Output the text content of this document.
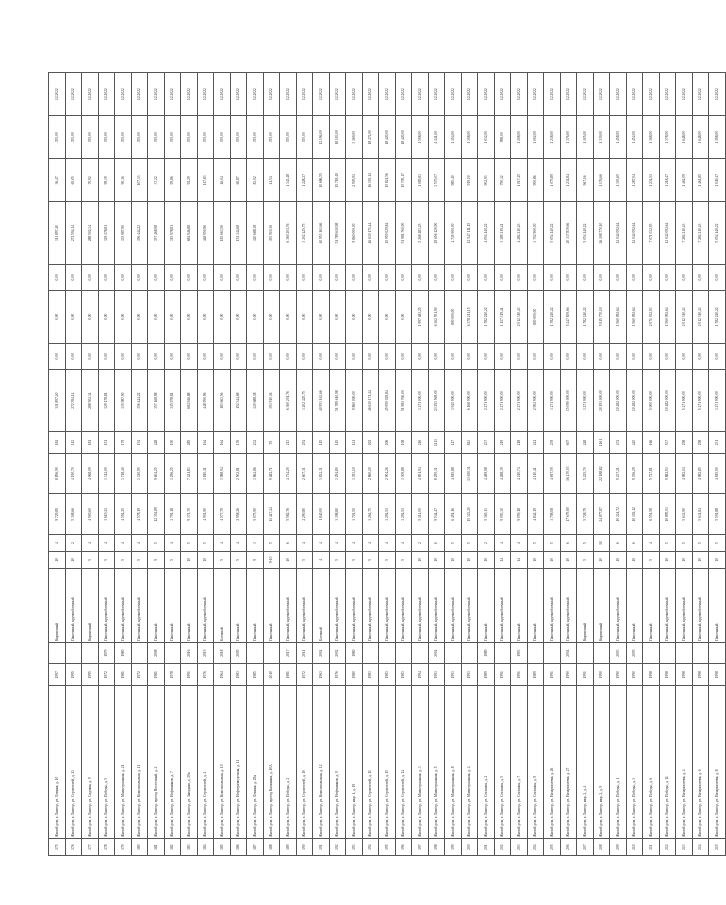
175	Жилой дом, г. Лянтор, ул. Ленина, д. 10	1997		Кирпичный	10	4	9 729,89	8 856,90	184	311 897,40	0,00	0,00	0,00	311 897,40	36,47	355,00	12.2022
176	Жилой дом, г. Лянтор, ул. Строителей, д. 13	1995		Панельный, крупноблочный	10	2	5 308,66	4 190,70	112	272 594,14	0,00	0,00	0,00	272 594,14	65,05	355,00	12.2022
177	Жилой дом, г. Лянтор, ул. Садовая, д. 9	1995		Кирпичный	5	4	4 900,60	4 068,09	181	288 502,34	0,00	0,00	0,00	288 502,34	70,92	355,00	12.2022
178	Жилой дом, г. Лянтор, ул. Победы, д. 5	1972	1979	Панельный, крупноблочный	5	4	3 619,21	3 312,00	151	329 178,81	0,00	0,00	0,00	329 178,81	99,39	355,00	12.2022
179	Жилой дом, г. Лянтор, ул. Магистральная, д. 21	1981	1980	Панельный, крупноблочный	5	4	4 594,25	3 718,40	179	335 987,90	0,00	0,00	0,00	335 987,90	90,36	355,00	12.2022
180	Жилой дом, г. Лянтор, ул. Комсомольская, д. 11	1972		Панельный, крупноблочный	5	4	4 578,19	3 320,95	154	356 444,22	0,00	0,00	0,00	356 444,22	107,33	355,00	12.2022
181	Жилой дом, г. Лянтор, проезд Восточный, д. 2	1981	2008	Панельный	9	5	12 354,89	9 604,25	428	357 468,98	0,00	0,00	0,00	357 468,98	37,22	355,00	12.2022
182	Жилой дом, г. Лянтор, ул. Нефтяников, д. 7	1978		Панельный	5	4	3 791,18	3 296,25	150	315 978,81	0,00	0,00	0,00	315 978,81	95,86	355,00	12.2022
183	Жилой дом, г. Лянтор, ул. Западная, д. 20а	1991	2016	Панельный	10	5	9 371,70	7 421,83	285	684 946,88	0,00	0,00	0,00	684 946,88	92,29	355,00	12.2022
184	Жилой дом, г. Лянтор, ул. Строителей, д. 4	1976	2015	Панельный, крупноблочный	10	5	4 901,90	3 810,11	164	448 950,96	0,00	0,00	0,00	448 950,96	117,83	355,00	12.2022
185	Жилой дом, г. Лянтор, ул. Комсомольская, д. 10	1964	2018	Блочный	5	4	4 577,79	3 988,94	164	183 663,56	0,00	0,00	0,00	183 663,56	46,04	355,00	12.2022
186	Жилой дом, г. Лянтор, ул. Нефтеразведочная, д. 11	1983	2009	Панельный	5	4	2 958,26	2 502,81	176	152 344,68	0,00	0,00	0,00	152 344,68	60,87	355,00	12.2022
187	Жилой дом, г. Лянтор, ул. Ленина, д. 29а	1985		Панельный	9	3	5 075,90	3 862,86	232	320 688,38	0,00	0,00	0,00	320 688,38	83,02	355,00	12.2022
188	Жилой дом, г. Лянтор, проезд Калинина, д. 10А	2010		Панельный	9-10	5	11 447,44	9 482,71	55	393 910,36	0,00	0,00	0,00	393 910,36	41,54	355,00	12.2022
189	Жилой дом, г. Лянтор, ул. Победы, д. 2	1981	2017	Панельный, крупноблочный	10	6	5 582,76	4 734,20	213	6 360 201,76	0,00	0,00	0,00	6 360 201,76	1 343,48	355,00	12.2022
190	Жилой дом, г. Лянтор, ул. Строителей, д. 10	1972	2011	Панельный, крупноблочный	5	4	2 290,80	2 607,31	254	3 202 425,75	0,00	0,00	0,00	3 202 425,75	1 228,27	355,00	12.2022
191	Жилой дом, г. Лянтор, ул. Комсомольская, д. 12	1963	2004	Блочный	4	4	1 840,00	3 832,31	115	40 953 163,66	0,00	0,00	0,00	40 953 163,66	10 686,55	12 196,00	12.2022
192	Жилой дом, г. Лянтор, ул. Нефтяников, д. 9	1976	2002	Панельный, крупноблочный	5	4	3 398,80	3 294,80	145	51 789 610,98	0,00	0,00	0,00	51 789 610,98	15 718,49	18 103,00	12.2022
193	Жилой дом, г. Лянтор, мкр. 1, д. 19	1980	1980	Панельный, крупноблочный	5	4	3 701,50	3 393,10	121	9 860 000,00	0,00	0,00	0,00	9 860 000,00	2 905,91	3 169,00	12.2022
194	Жилой дом, г. Лянтор, ул. Строителей, д. 11	1983		Панельный, крупноблочный	5	4	3 264,75	2 860,20	202	46 630 171,44	0,00	0,00	0,00	46 630 171,44	16 303,14	18 472,00	12.2022
195	Жилой дом, г. Лянтор, ул. Строителей, д. 15	1983		Панельный, крупноблочный	5	4	3 294,51	2 904,26	206	45 950 029,84	0,00	0,00	0,00	45 950 029,84	15 821,56	18 420,00	12.2022
196	Жилой дом, г. Лянтор, ул. Строителей, д. 14	1983		Панельный, крупноблочный	5	4	3 294,51	3 309,88	108	51 981 760,00	0,00	0,00	0,00	51 981 760,00	15 705,17	18 420,00	12.2022
197	Жилой дом, г. Лянтор, ул. Магистральная, д. 3	1994		Панельный, крупноблочный	10	2	5 111,00	4 851,94	216	3 271 000,00	0,00	1 997 483,25	0,00	5 268 483,25	1 085,83	1 508,00	12.2022
198	Жилой дом, г. Лянтор, ул. Магистральная, д. 5	1993	2004	Панельный, крупноблочный	10	6	9 544,47	8 295,31	1113	23 293 569,00	0,00	6 362 551,90	0,00	29 656 120,90	3 575,07	4 141,00	12.2022
199	Жилой дом, г. Лянтор, ул. Магистральная, д. 8	1993		Панельный, крупноблочный	10	5	6 491,16	4 815,88	117	3 945 900,00	0,00	800 000,00	0,00	4 745 900,00	985,49	1 154,00	12.2022
200	Жилой дом, г. Лянтор, ул. Магистральная, д. 4	1993		Панельный, крупноблочный	10	5	15 323,20	13 650,31	843	6 168 900,00	0,00	6 378 211,15	0,00	12 547 111,15	919,19	1 308,00	12.2022
201	Жилой дом, г. Лянтор, ул. Согласия, д. 2	1989	1989	Панельный	10	2	5 365,13	4 489,98	237	2 271 900,00	0,00	1 782 240,22	0,00	4 054 140,22	902,93	1 032,00	12.2022
202	Жилой дом, г. Лянтор, ул. Согласия, д. 5	1991		Панельный, крупноблочный	14	4	9 093,30	4 288,39	219	2 271 900,00	0,00	1 117 319,41	0,00	3 389 219,41	790,32	998,00	12.2022
203	Жилой дом, г. Лянтор, ул. Согласия, д. 7	1991	1993	Панельный	14	4	9 059,18	4 210,74	218	2 271 900,00	0,00	2 012 310,43	0,00	4 284 210,43	1 017,45	1 208,00	12.2022
204	Жилой дом, г. Лянтор, ул. Согласия, д. 9	1989		Панельный	10	5	4 842,19	4 110,41	241	2 902 900,00	0,00	800 000,00	0,00	3 702 900,00	900,86	1 002,00	12.2022
205	Жилой дом, г. Лянтор, ул. Назаргалеева, д. 26	1991		Панельный, крупноблочный	10	5	3 708,08	4 697,59	239	3 271 900,00	0,00	1 782 240,22	0,00	5 054 140,22	1 075,89	1 238,00	12.2022
206	Жилой дом, г. Лянтор, ул. Назаргалеева, д. 27	1990	2004	Панельный, крупноблочный	10	6	17 679,80	16 470,03	607	15 090 000,00	0,00	5 247 839,66	0,00	20 337 839,66	1 234,84	1 376,00	12.2022
207	Жилой дом, г. Лянтор, мкр. 2, д. 4	1991		Кирпичный	5	5	5 728,79	5 225,70	248	3 271 900,00	0,00	1 782 240,22	0,00	5 054 140,22	967,16	1 105,00	12.2022
208	Жилой дом, г. Лянтор, мкр. 2, д. 9	1990		Кирпичный	10	10	24 877,87	22 188,82	1161	20 193 000,00	0,00	5 915 770,10	0,00	26 108 770,10	1 176,66	1 339,00	12.2022
209	Жилой дом, г. Лянтор, ул. Победы, д. 1	1990	2003	Панельный, крупноблочный	10	6	10 241,72	9 237,21	474	10 482 000,00	0,00	1 560 092,64	0,00	12 042 092,64	1 303,65	1 458,00	12.2022
210	Жилой дом, г. Лянтор, ул. Победы, д. 3	1990	2005	Панельный	10	6	10 302,12	9 356,29	445	10 482 000,00	0,00	1 560 092,64	0,00	12 042 092,64	1 287,04	1 452,00	12.2022
211	Жилой дом, г. Лянтор, ул. Победы, д. 6	1998		Панельный	5	4	6 551,58	5 727,81	166	5 000 000,00	0,00	2 071 032,93	0,00	7 071 032,93	1 234,51	1 368,00	12.2022
212	Жилой дом, г. Лянтор, ул. Победы, д. 11	1998		Панельный, крупноблочный	10	5	10 895,03	9 882,93	537	10 482 000,00	0,00	1 560 092,64	0,00	12 042 092,64	1 218,47	1 378,00	12.2022
213	Жилой дом, г. Лянтор, ул. Назаргалеева, д. 4	1998		Панельный, крупноблочный	10	5	5 632,90	4 982,04	258	5 271 900,00	0,00	2 012 310,43	0,00	7 284 210,43	1 462,09	1 648,00	12.2022
214	Жилой дом, г. Лянтор, ул. Назаргалеева, д. 6	1998		Панельный, крупноблочный	10	5	5 631,84	4 982,85	258	5 271 900,00	0,00	2 012 310,43	0,00	7 284 210,43	1 461,85	1 648,00	12.2022
215	Жилой дом, г. Лянтор, ул. Назаргалеева, д. 8	1998		Панельный	10	5	5 591,88	4 815,90	231	3 271 900,00	0,00	1 782 240,22	0,00	5 054 140,22	1 049,47	1 198,00	12.2022
